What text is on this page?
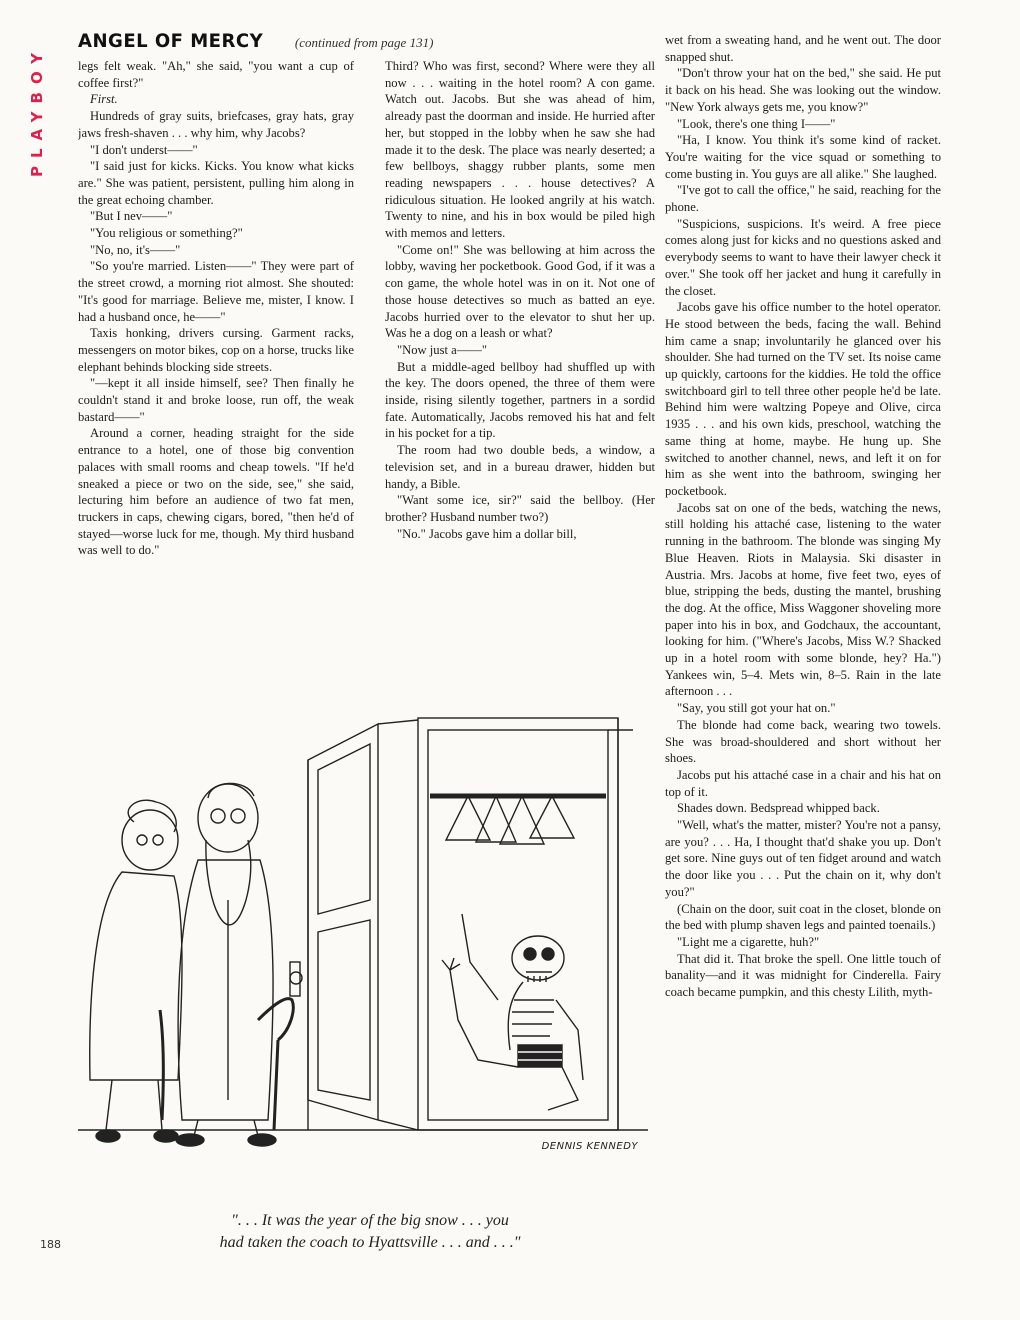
PLAYBOY
ANGEL OF MERCY (continued from page 131)

legs felt weak. "Ah," she said, "you want a cup of coffee first?"

First.

Hundreds of gray suits, briefcases, gray hats, gray jaws fresh-shaven . . . why him, why Jacobs?

"I don't underst——"

"I said just for kicks. Kicks. You know what kicks are." She was patient, persistent, pulling him along in the great echoing chamber.

"But I nev——"

"You religious or something?"

"No, no, it's——"

"So you're married. Listen——" They were part of the street crowd, a morning riot almost. She shouted: "It's good for marriage. Believe me, mister, I know. I had a husband once, he——"

Taxis honking, drivers cursing. Garment racks, messengers on motor bikes, cop on a horse, trucks like elephant behinds blocking side streets.

"—kept it all inside himself, see? Then finally he couldn't stand it and broke loose, run off, the weak bastard——"

Around a corner, heading straight for the side entrance to a hotel, one of those big convention palaces with small rooms and cheap towels. "If he'd sneaked a piece or two on the side, see," she said, lecturing him before an audience of two fat men, truckers in caps, chewing cigars, bored, "then he'd of stayed—worse luck for me, though. My third husband was well to do."

Third? Who was first, second? Where were they all now . . . waiting in the hotel room? A con game. Watch out. Jacobs. But she was ahead of him, already past the doorman and inside. He hurried after her, but stopped in the lobby when he saw she had made it to the desk. The place was nearly deserted; a few bellboys, shaggy rubber plants, some men reading newspapers . . . house detectives? A ridiculous situation. He looked angrily at his watch. Twenty to nine, and his in box would be piled high with memos and letters.

"Come on!" She was bellowing at him across the lobby, waving her pocketbook. Good God, if it was a con game, the whole hotel was in on it. Not one of those house detectives so much as batted an eye. Jacobs hurried over to the elevator to shut her up. Was he a dog on a leash or what?

"Now just a——"

But a middle-aged bellboy had shuffled up with the key. The doors opened, the three of them were inside, rising silently together, partners in a sordid fate. Automatically, Jacobs removed his hat and felt in his pocket for a tip.

The room had two double beds, a window, a television set, and in a bureau drawer, hidden but handy, a Bible.

"Want some ice, sir?" said the bellboy. (Her brother? Husband number two?)

"No." Jacobs gave him a dollar bill,

wet from a sweating hand, and he went out. The door snapped shut.

"Don't throw your hat on the bed," she said. He put it back on his head. She was looking out the window. "New York always gets me, you know?"

"Look, there's one thing I——"

"Ha, I know. You think it's some kind of racket. You're waiting for the vice squad or something to come busting in. You guys are all alike." She laughed.

"I've got to call the office," he said, reaching for the phone.

"Suspicions, suspicions. It's weird. A free piece comes along just for kicks and no questions asked and everybody seems to want to have their lawyer check it over." She took off her jacket and hung it carefully in the closet.

Jacobs gave his office number to the hotel operator. He stood between the beds, facing the wall. Behind him came a snap; involuntarily he glanced over his shoulder. She had turned on the TV set. Its noise came up quickly, cartoons for the kiddies. He told the office switchboard girl to tell three other people he'd be late. Behind him were waltzing Popeye and Olive, circa 1935 . . . and his own kids, preschool, watching the same thing at home, maybe. He hung up. She switched to another channel, news, and left it on for him as she went into the bathroom, swinging her pocketbook.

Jacobs sat on one of the beds, watching the news, still holding his attaché case, listening to the water running in the bathroom. The blonde was singing My Blue Heaven. Riots in Malaysia. Ski disaster in Austria. Mrs. Jacobs at home, five feet two, eyes of blue, stripping the beds, dusting the mantel, brushing the dog. At the office, Miss Waggoner shoveling more paper into his in box, and Godchaux, the accountant, looking for him. ("Where's Jacobs, Miss W.? Shacked up in a hotel room with some blonde, hey? Ha.") Yankees win, 5–4. Mets win, 8–5. Rain in the late afternoon . . .

"Say, you still got your hat on."

The blonde had come back, wearing two towels. She was broad-shouldered and short without her shoes.

Jacobs put his attaché case in a chair and his hat on top of it.

Shades down. Bedspread whipped back.

"Well, what's the matter, mister? You're not a pansy, are you? . . . Ha, I thought that'd shake you up. Don't get sore. Nine guys out of ten fidget around and watch the door like you . . . Put the chain on it, why don't you?"

(Chain on the door, suit coat in the closet, blonde on the bed with plump shaven legs and painted toenails.)

"Light me a cigarette, huh?"

That did it. That broke the spell. One little touch of banality—and it was midnight for Cinderella. Fairy coach became pumpkin, and this chesty Lilith, myth-

DENNIS KENNEDY
". . . It was the year of the big snow . . . you
had taken the coach to Hyattsville . . . and . . ."
188
